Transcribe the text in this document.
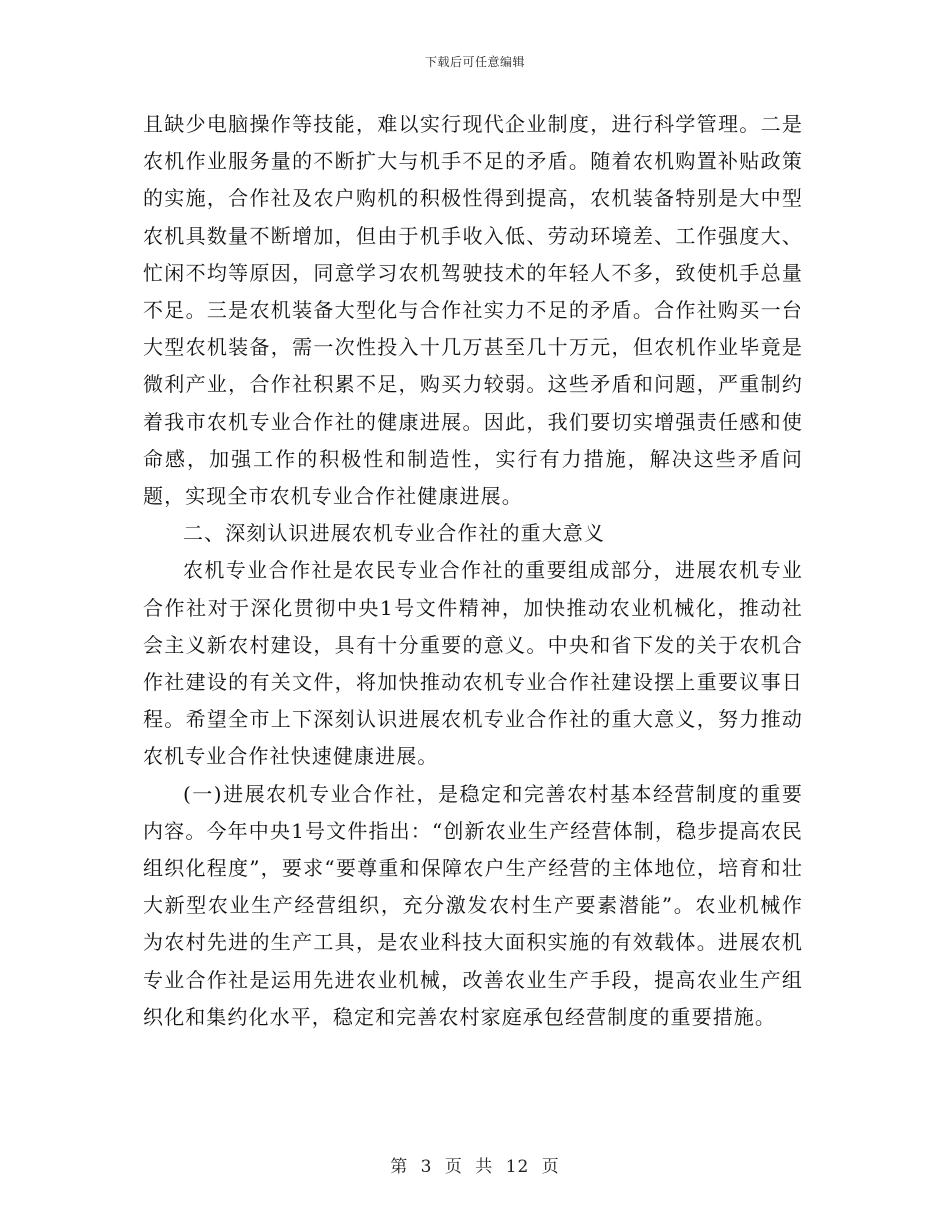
下载后可任意编辑

且缺少电脑操作等技能，难以实行现代企业制度，进行科学管理。二是农机作业服务量的不断扩大与机手不足的矛盾。随着农机购置补贴政策的实施，合作社及农户购机的积极性得到提高，农机装备特别是大中型农机具数量不断增加，但由于机手收入低、劳动环境差、工作强度大、忙闲不均等原因，同意学习农机驾驶技术的年轻人不多，致使机手总量不足。三是农机装备大型化与合作社实力不足的矛盾。合作社购买一台大型农机装备，需一次性投入十几万甚至几十万元，但农机作业毕竟是微利产业，合作社积累不足，购买力较弱。这些矛盾和问题，严重制约着我市农机专业合作社的健康进展。因此，我们要切实增强责任感和使命感，加强工作的积极性和制造性，实行有力措施，解决这些矛盾问题，实现全市农机专业合作社健康进展。

二、深刻认识进展农机专业合作社的重大意义

农机专业合作社是农民专业合作社的重要组成部分，进展农机专业合作社对于深化贯彻中央1号文件精神，加快推动农业机械化，推动社会主义新农村建设，具有十分重要的意义。中央和省下发的关于农机合作社建设的有关文件，将加快推动农机专业合作社建设摆上重要议事日程。希望全市上下深刻认识进展农机专业合作社的重大意义，努力推动农机专业合作社快速健康进展。

(一)进展农机专业合作社，是稳定和完善农村基本经营制度的重要内容。今年中央1号文件指出：“创新农业生产经营体制，稳步提高农民组织化程度”，要求“要尊重和保障农户生产经营的主体地位，培育和壮大新型农业生产经营组织，充分激发农村生产要素潜能”。农业机械作为农村先进的生产工具，是农业科技大面积实施的有效载体。进展农机专业合作社是运用先进农业机械，改善农业生产手段，提高农业生产组织化和集约化水平，稳定和完善农村家庭承包经营制度的重要措施。

第 3 页 共 12 页
